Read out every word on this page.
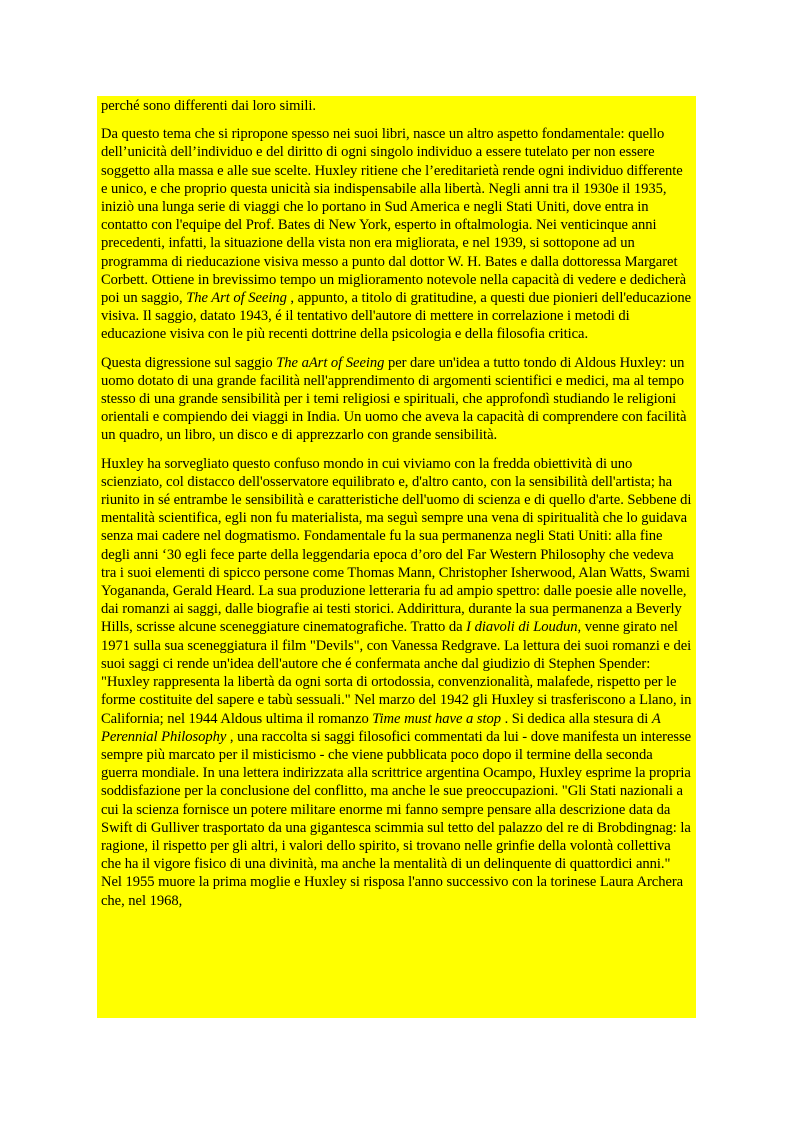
perché sono differenti dai loro simili.

Da questo tema che si ripropone spesso nei suoi libri, nasce un altro aspetto fondamentale: quello dell’unicità dell’individuo e del diritto di ogni singolo individuo a essere tutelato per non essere soggetto alla massa e alle sue scelte. Huxley ritiene che l’ereditarietà rende ogni individuo differente e unico, e che proprio questa unicità sia indispensabile alla libertà. Negli anni tra il 1930e il 1935, iniziò una lunga serie di viaggi che lo portano in Sud America e negli Stati Uniti, dove entra in contatto con l'equipe del Prof. Bates di New York, esperto in oftalmologia. Nei venticinque anni precedenti, infatti, la situazione della vista non era migliorata, e nel 1939, si sottopone ad un programma di rieducazione visiva messo a punto dal dottor W. H. Bates e dalla dottoressa Margaret Corbett. Ottiene in brevissimo tempo un miglioramento notevole nella capacità di vedere e dedicherà poi un saggio, The Art of Seeing , appunto, a titolo di gratitudine, a questi due pionieri dell'educazione visiva. Il saggio, datato 1943, é il tentativo dell'autore di mettere in correlazione i metodi di educazione visiva con le più recenti dottrine della psicologia e della filosofia critica.

Questa digressione sul saggio The aArt of Seeing per dare un'idea a tutto tondo di Aldous Huxley: un uomo dotato di una grande facilità nell'apprendimento di argomenti scientifici e medici, ma al tempo stesso di una grande sensibilità per i temi religiosi e spirituali, che approfondì studiando le religioni orientali e compiendo dei viaggi in India. Un uomo che aveva la capacità di comprendere con facilità un quadro, un libro, un disco e di apprezzarlo con grande sensibilità.

Huxley ha sorvegliato questo confuso mondo in cui viviamo con la fredda obiettività di uno scienziato, col distacco dell'osservatore equilibrato e, d'altro canto, con la sensibilità dell'artista; ha riunito in sé entrambe le sensibilità e caratteristiche dell'uomo di scienza e di quello d'arte. Sebbene di mentalità scientifica, egli non fu materialista, ma seguì sempre una vena di spiritualità che lo guidava senza mai cadere nel dogmatismo. Fondamentale fu la sua permanenza negli Stati Uniti: alla fine degli anni ‘30 egli fece parte della leggendaria epoca d’oro del Far Western Philosophy che vedeva tra i suoi elementi di spicco persone come Thomas Mann, Christopher Isherwood, Alan Watts, Swami Yogananda, Gerald Heard. La sua produzione letteraria fu ad ampio spettro: dalle poesie alle novelle, dai romanzi ai saggi, dalle biografie ai testi storici. Addirittura, durante la sua permanenza a Beverly Hills, scrisse alcune sceneggiature cinematografiche. Tratto da I diavoli di Loudun, venne girato nel 1971 sulla sua sceneggiatura il film "Devils", con Vanessa Redgrave. La lettura dei suoi romanzi e dei suoi saggi ci rende un'idea dell'autore che é confermata anche dal giudizio di Stephen Spender: "Huxley rappresenta la libertà da ogni sorta di ortodossia, convenzionalità, malafede, rispetto per le forme costituite del sapere e tabù sessuali." Nel marzo del 1942 gli Huxley si trasferiscono a Llano, in California; nel 1944 Aldous ultima il romanzo Time must have a stop . Si dedica alla stesura di A Perennial Philosophy , una raccolta si saggi filosofici commentati da lui - dove manifesta un interesse sempre più marcato per il misticismo - che viene pubblicata poco dopo il termine della seconda guerra mondiale. In una lettera indirizzata alla scrittrice argentina Ocampo, Huxley esprime la propria soddisfazione per la conclusione del conflitto, ma anche le sue preoccupazioni. "Gli Stati nazionali a cui la scienza fornisce un potere militare enorme mi fanno sempre pensare alla descrizione data da Swift di Gulliver trasportato da una gigantesca scimmia sul tetto del palazzo del re di Brobdingnag: la ragione, il rispetto per gli altri, i valori dello spirito, si trovano nelle grinfie della volontà collettiva che ha il vigore fisico di una divinità, ma anche la mentalità di un delinquente di quattordici anni." Nel 1955 muore la prima moglie e Huxley si risposa l'anno successivo con la torinese Laura Archera che, nel 1968,
